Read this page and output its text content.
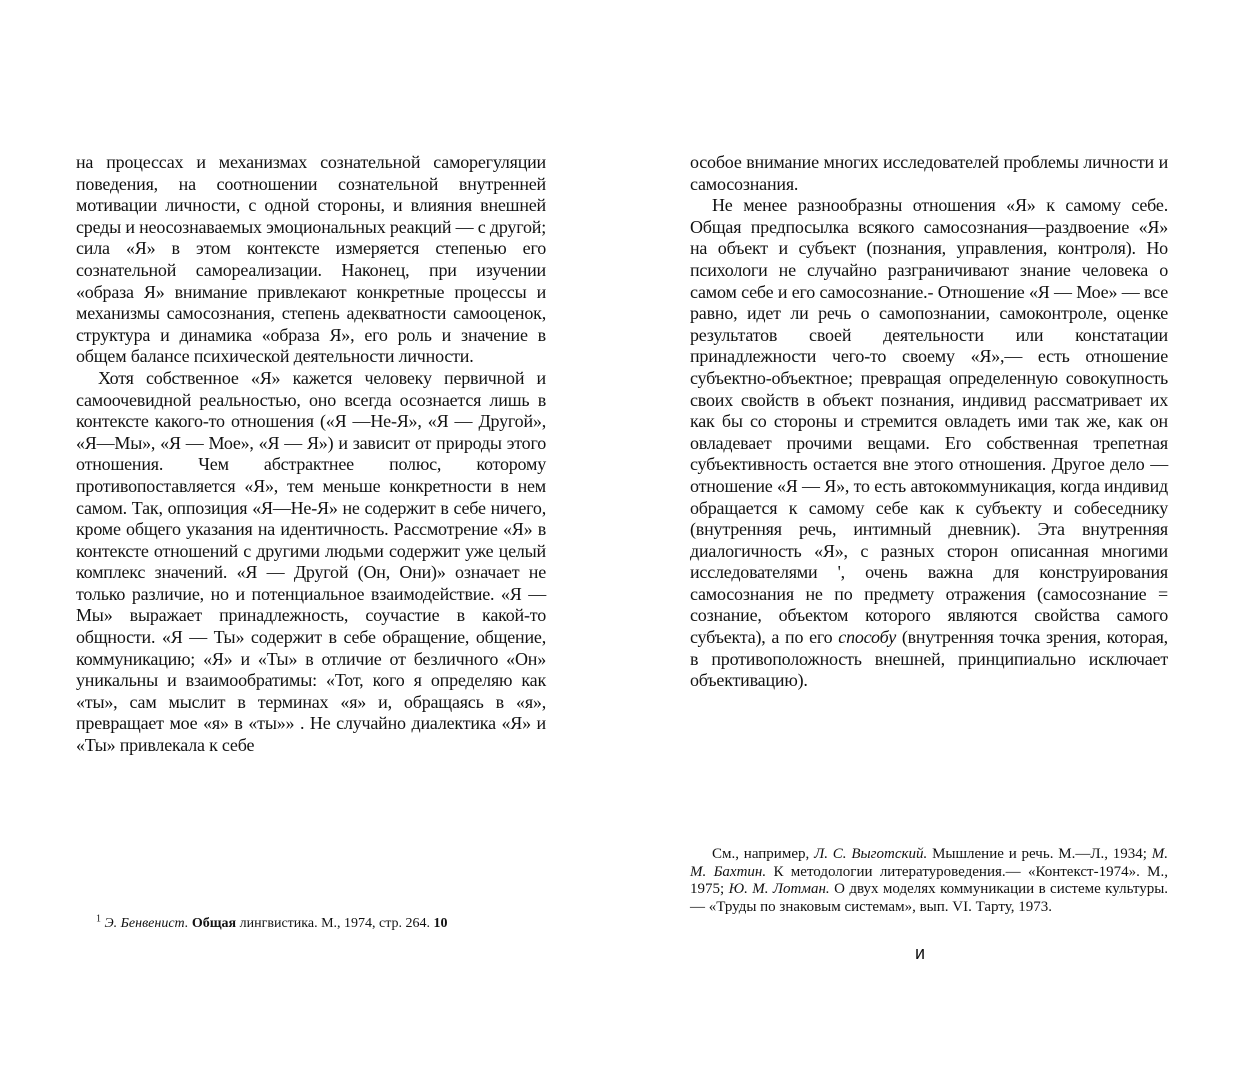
на процессах и механизмах сознательной саморегуляции поведения, на соотношении сознательной внутренней мотивации личности, с одной стороны, и влияния внешней среды и неосознаваемых эмоциональных реакций — с другой; сила «Я» в этом контексте измеряется степенью его сознательной самореализации. Наконец, при изучении «образа Я» внимание привлекают конкретные процессы и механизмы самосознания, степень адекватности самооценок, структура и динамика «образа Я», его роль и значение в общем балансе психической деятельности личности.

Хотя собственное «Я» кажется человеку первичной и самоочевидной реальностью, оно всегда осознается лишь в контексте какого-то отношения («Я —Не-Я», «Я — Другой», «Я—Мы», «Я — Мое», «Я — Я») и зависит от природы этого отношения. Чем абстрактнее полюс, которому противопоставляется «Я», тем меньше конкретности в нем самом. Так, оппозиция «Я—Не-Я» не содержит в себе ничего, кроме общего указания на идентичность. Рассмотрение «Я» в контексте отношений с другими людьми содержит уже целый комплекс значений. «Я — Другой (Он, Они)» означает не только различие, но и потенциальное взаимодействие. «Я — Мы» выражает принадлежность, соучастие в какой-то общности. «Я — Ты» содержит в себе обращение, общение, коммуникацию; «Я» и «Ты» в отличие от безличного «Он» уникальны и взаимообратимы: «Тот, кого я определяю как «ты», сам мыслит в терминах «я» и, обращаясь в «я», превращает мое «я» в «ты»» . Не случайно диалектика «Я» и «Ты» привлекала к себе

$^1$ Э. Бенвенист. Общая лингвистика. М., 1974, стр. 264. 10

особое внимание многих исследователей проблемы личности и самосознания.

Не менее разнообразны отношения «Я» к самому себе. Общая предпосылка всякого самосознания—раздвоение «Я» на объект и субъект (познания, управления, контроля). Но психологи не случайно разграничивают знание человека о самом себе и его самосознание.- Отношение «Я — Мое» — все равно, идет ли речь о самопознании, самоконтроле, оценке результатов своей деятельности или констатации принадлежности чего-то своему «Я»,— есть отношение субъектно-объектное; превращая определенную совокупность своих свойств в объект познания, индивид рассматривает их как бы со стороны и стремится овладеть ими так же, как он овладевает прочими вещами. Его собственная трепетная субъективность остается вне этого отношения. Другое дело — отношение «Я — Я», то есть автокоммуникация, когда индивид обращается к самому себе как к субъекту и собеседнику (внутренняя речь, интимный дневник). Эта внутренняя диалогичность «Я», с разных сторон описанная многими исследователями ', очень важна для конструирования самосознания не по предмету отражения (самосознание = сознание, объектом которого являются свойства самого субъекта), а по его способу (внутренняя точка зрения, которая, в противоположность внешней, принципиально исключает объективацию).

См., например, Л. С. Выготский. Мышление и речь. М.—Л., 1934; М. М. Бахтин. К методологии литературоведения.— «Контекст-1974». М., 1975; Ю. М. Лотман. О двух моделях коммуникации в системе культуры.— «Труды по знаковым системам», вып. VI. Тарту, 1973.

и
